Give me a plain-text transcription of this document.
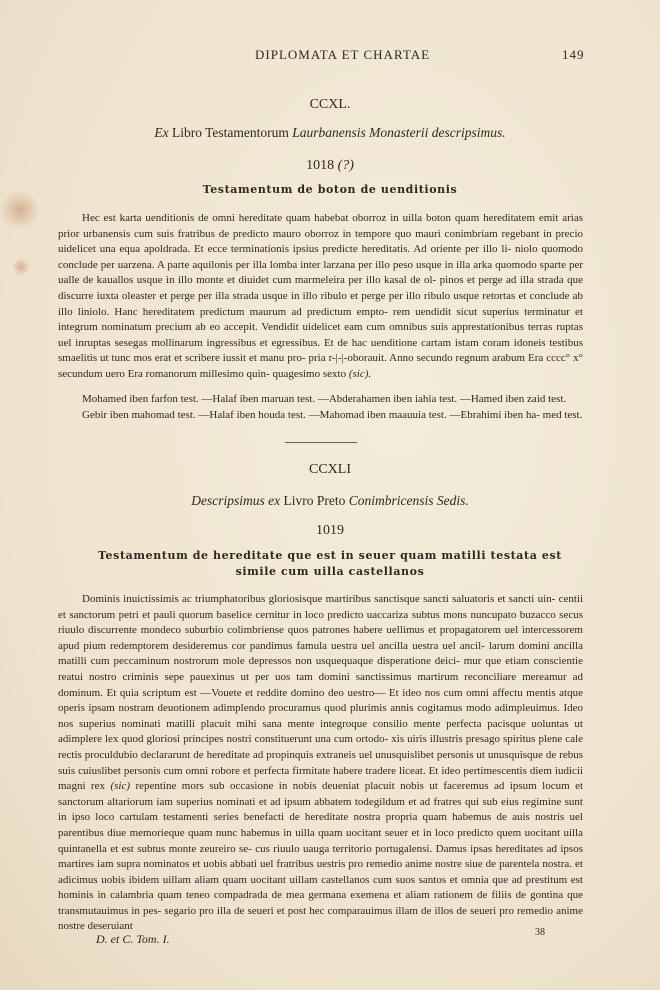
DIPLOMATA ET CHARTAE	149
CCXL.
Ex Libro Testamentorum Laurbanensis Monasterii descripsimus.
1018 (?)
Testamentum de boton de uenditionis

Hec est karta uenditionis de omni hereditate quam habebat oborroz in uilla boton quam hereditatem emit arias prior urbanensis cum suis fratribus de predicto mauro oborroz in tempore quo mauri conimbriam regebant in precio uidelicet una equa apoldrada. Et ecce terminationis ipsius predicte hereditatis. Ad oriente per illo li- niolo quomodo conclude per uarzena. A parte aquilonis per illa lomba inter larzana per illo peso usque in illa arka quomodo sparte per ualle de kauallos usque in illo monte et diuidet cum marmeleira per illo kasal de ol- pinos et perge ad illa strada que discurre iuxta oleaster et perge per illa strada usque in illo ribulo et perge per illo ribulo usque retortas et conclude ab illo liniolo. Hanc hereditatem predictum maurum ad predictum empto- rem uendidit sicut superius terminatur et integrum nominatum precium ab eo accepit. Vendidit uidelicet eam cum omnibus suis apprestationibus terras ruptas uel inruptas sesegas mollinarum ingressibus et egressibus. Et de hac uenditione cartam istam coram idoneis testibus smaelitis ut tunc mos erat et scribere iussit et manu pro- pria r-|-|-oborauit. Anno secundo regnum arabum Era cccc° x° secundum uero Era romanorum millesimo quin- quagesimo sexto (sic).

Mohamed iben farfon test. —Halaf iben maruan test. —Abderahamen iben iahia test. —Hamed iben zaid test.

Gebir iben mahomad test. —Halaf iben houda test. —Mahomad iben maauuia test. —Ebrahimi iben ha- med test.

CCXLI
Descripsimus ex Livro Preto Conimbricensis Sedis.
1019
Testamentum de hereditate que est in seuer quam matilli testata est
simile cum uilla castellanos

Dominis inuictissimis ac triumphatoribus gloriosisque martiribus sanctisque sancti saluatoris et sancti uin- centii et sanctorum petri et pauli quorum baselice cernitur in loco predicto uaccariza subtus mons nuncupato buzacco secus riuulo discurrente mondeco suburbio colimbriense quos patrones habere uellimus et propagatorem uel intercessorem apud pium redemptorem desideremus cor pandimus famula uestra uel ancilla uestra uel ancil- larum domini ancilla matilli cum peccaminum nostrorum mole depressos non usquequaque disperatione deici- mur que etiam conscientie reatui nostro criminis sepe pauexinus ut per uos tam domini sanctissimus martirum reconciliare mereamur ad dominum. Et quia scriptum est —Vouete et reddite domino deo uestro— Et ideo nos cum omni affectu mentis atque operis ipsam nostram deuotionem adimplendo procuramus quod plurimis annis cogitamus modo adimpleuimus. Ideo nos superius nominati matilli placuit mihi sana mente integroque consilio mente perfecta pacisque uoluntas ut adimplere lex quod gloriosi principes nostri constituerunt una cum ortodo- xis uiris illustris presago spiritus plene cale rectis proculdubio declararunt de hereditate ad propinquis extraneis uel unusquislibet personis ut unusquisque de rebus suis cuiuslibet personis cum omni robore et perfecta firmitate habere tradere liceat. Et ideo pertimescentis diem iudicii magni rex (sic) repentine mors sub occasione in nobis deueniat placuit nobis ut faceremus ad ipsum locum et sanctorum altariorum iam superius nominati et ad ipsum abbatem todegildum et ad fratres qui sub eius regimine sunt in ipso loco cartulam testamenti series benefacti de hereditate nostra propria quam habemus de auis nostris uel parentibus diue memorieque quam nunc habemus in uilla quam uocitant seuer et in loco predicto quem uocitant uilla quintanella et est subtus monte zeureiro se- cus riuulo uauga territorio portugalensi. Damus ipsas hereditates ad ipsos martires iam supra nominatos et uobis abbati uel fratribus uestris pro remedio anime nostre siue de parentela nostra. et adicimus uobis ibidem uillam aliam quam uocitant uillam castellanos cum suos santos et omnia que ad prestitum est hominis in calambria quam teneo compadrada de mea germana exemena et aliam rationem de filiis de gontina que transmutauimus in pes- segario pro illa de seueri et post hec comparauimus illam de illos de seueri pro remedio anime nostre deseruiant

D. et C. Tom. I.	38
